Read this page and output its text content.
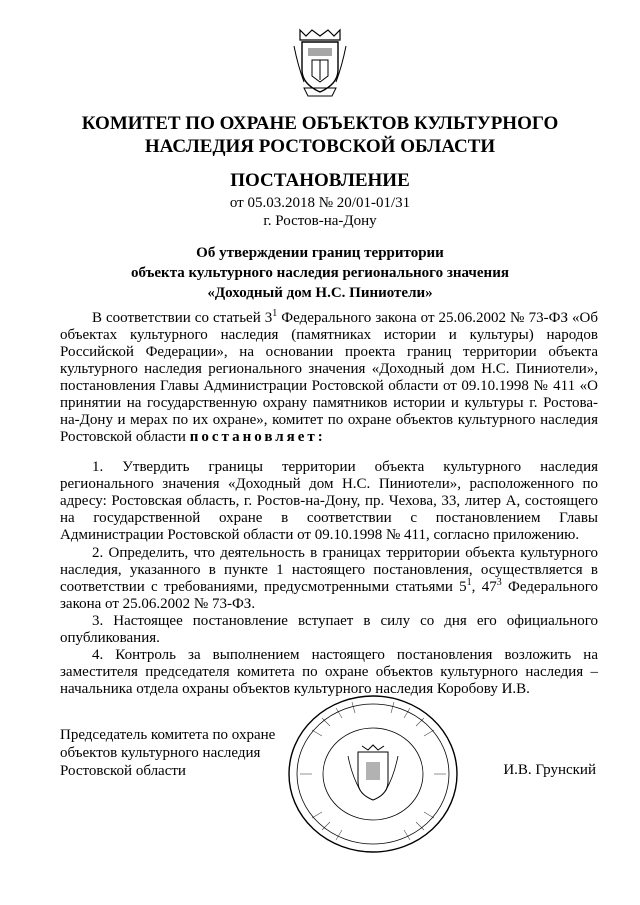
КОМИТЕТ ПО ОХРАНЕ ОБЪЕКТОВ КУЛЬТУРНОГО
НАСЛЕДИЯ РОСТОВСКОЙ ОБЛАСТИ
ПОСТАНОВЛЕНИЕ
от 05.03.2018 № 20/01-01/31
г. Ростов-на-Дону
Об утверждении границ территории
объекта культурного наследия регионального значения
«Доходный дом Н.С. Пиниотели»
В соответствии со статьей $3^1$ Федерального закона от 25.06.2002 № 73-ФЗ «Об объектах культурного наследия (памятниках истории и культуры) народов Российской Федерации», на основании проекта границ территории объекта культурного наследия регионального значения «Доходный дом Н.С. Пиниотели», постановления Главы Администрации Ростовской области от 09.10.1998 № 411 «О принятии на государственную охрану памятников истории и культуры г. Ростова-на-Дону и мерах по их охране», комитет по охране объектов культурного наследия Ростовской области постановляет:
1. Утвердить границы территории объекта культурного наследия регионального значения «Доходный дом Н.С. Пиниотели», расположенного по адресу: Ростовская область, г. Ростов-на-Дону, пр. Чехова, 33, литер А, состоящего на государственной охране в соответствии с постановлением Главы Администрации Ростовской области от 09.10.1998 № 411, согласно приложению.
2. Определить, что деятельность в границах территории объекта культурного наследия, указанного в пункте 1 настоящего постановления, осуществляется в соответствии с требованиями, предусмотренными статьями $5^1$, $47^3$ Федерального закона от 25.06.2002 № 73-ФЗ.
3. Настоящее постановление вступает в силу со дня его официального опубликования.
4. Контроль за выполнением настоящего постановления возложить на заместителя председателя комитета по охране объектов культурного наследия – начальника отдела охраны объектов культурного наследия Коробову И.В.
Председатель комитета по охране
объектов культурного наследия
Ростовской области	И.В. Грунский
